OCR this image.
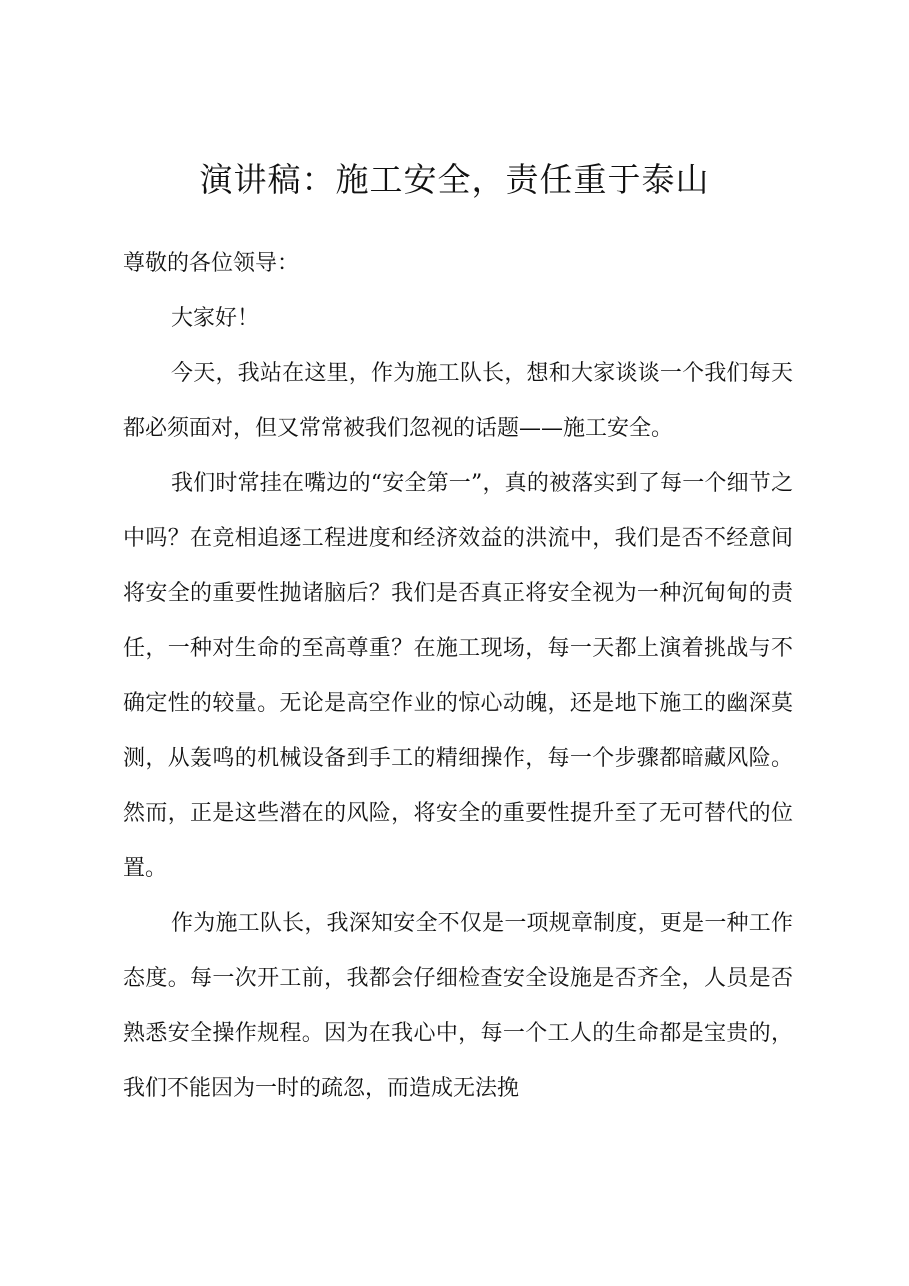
演讲稿：施工安全，责任重于泰山

尊敬的各位领导：

大家好！

今天，我站在这里，作为施工队长，想和大家谈谈一个我们每天都必须面对，但又常常被我们忽视的话题——施工安全。

我们时常挂在嘴边的“安全第一”，真的被落实到了每一个细节之中吗？在竞相追逐工程进度和经济效益的洪流中，我们是否不经意间将安全的重要性抛诸脑后？我们是否真正将安全视为一种沉甸甸的责任，一种对生命的至高尊重？在施工现场，每一天都上演着挑战与不确定性的较量。无论是高空作业的惊心动魄，还是地下施工的幽深莫测，从轰鸣的机械设备到手工的精细操作，每一个步骤都暗藏风险。然而，正是这些潜在的风险，将安全的重要性提升至了无可替代的位置。

作为施工队长，我深知安全不仅是一项规章制度，更是一种工作态度。每一次开工前，我都会仔细检查安全设施是否齐全，人员是否熟悉安全操作规程。因为在我心中，每一个工人的生命都是宝贵的，我们不能因为一时的疏忽，而造成无法挽
